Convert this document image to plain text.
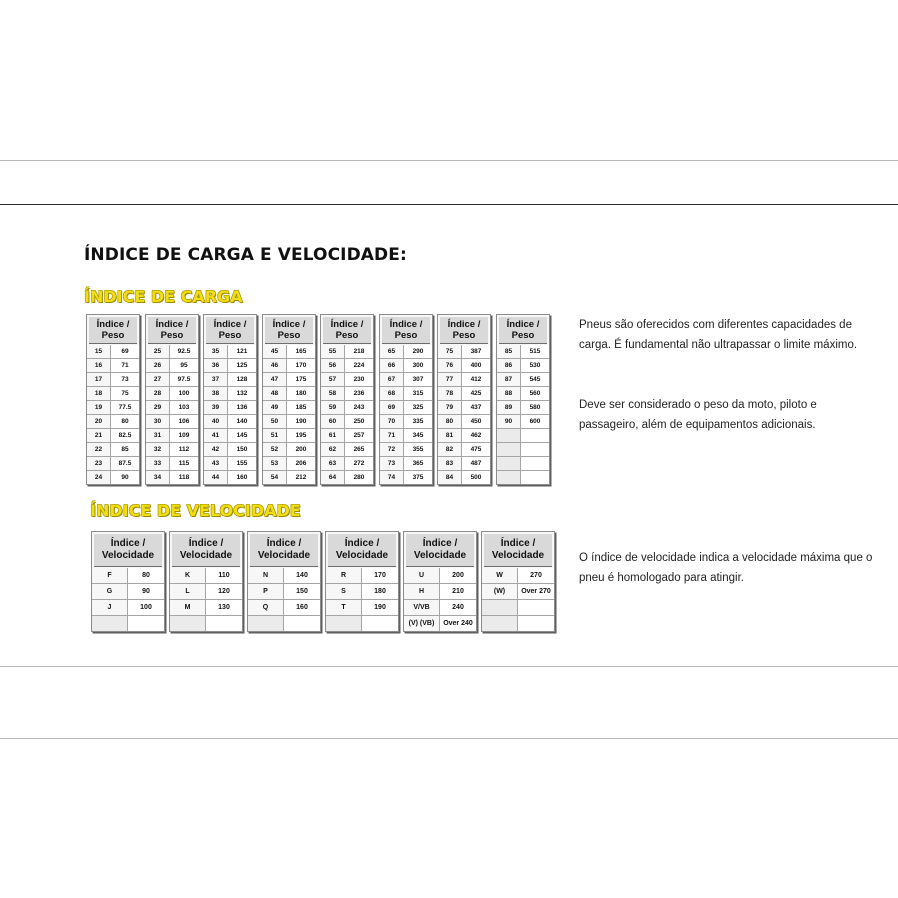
ÍNDICE DE CARGA E VELOCIDADE:
ÍNDICE DE CARGA
Índice /
Peso
15	69
16	71
17	73
18	75
19	77.5
20	80
21	82.5
22	85
23	87.5
24	90
Índice /
Peso
25	92.5
26	95
27	97.5
28	100
29	103
30	106
31	109
32	112
33	115
34	118
Índice /
Peso
35	121
36	125
37	128
38	132
39	136
40	140
41	145
42	150
43	155
44	160
Índice /
Peso
45	165
46	170
47	175
48	180
49	185
50	190
51	195
52	200
53	206
54	212
Índice /
Peso
55	218
56	224
57	230
58	236
59	243
60	250
61	257
62	265
63	272
64	280
Índice /
Peso
65	290
66	300
67	307
68	315
69	325
70	335
71	345
72	355
73	365
74	375
Índice /
Peso
75	387
76	400
77	412
78	425
79	437
80	450
81	462
82	475
83	487
84	500
Índice /
Peso
85	515
86	530
87	545
88	560
89	580
90	600

Pneus são oferecidos com diferentes capacidades de carga. É fundamental não ultrapassar o limite máximo.

Deve ser considerado o peso da moto, piloto e passageiro, além de equipamentos adicionais.

ÍNDICE DE VELOCIDADE
Índice /
Velocidade
F	80
G	90
J	100
Índice /
Velocidade
K	110
L	120
M	130
Índice /
Velocidade
N	140
P	150
Q	160
Índice /
Velocidade
R	170
S	180
T	190
Índice /
Velocidade
U	200
H	210
V/VB	240
(V) (VB)	Over 240
Índice /
Velocidade
W	270
(W)	Over 270

O índice de velocidade indica a velocidade máxima que o pneu é homologado para atingir.
